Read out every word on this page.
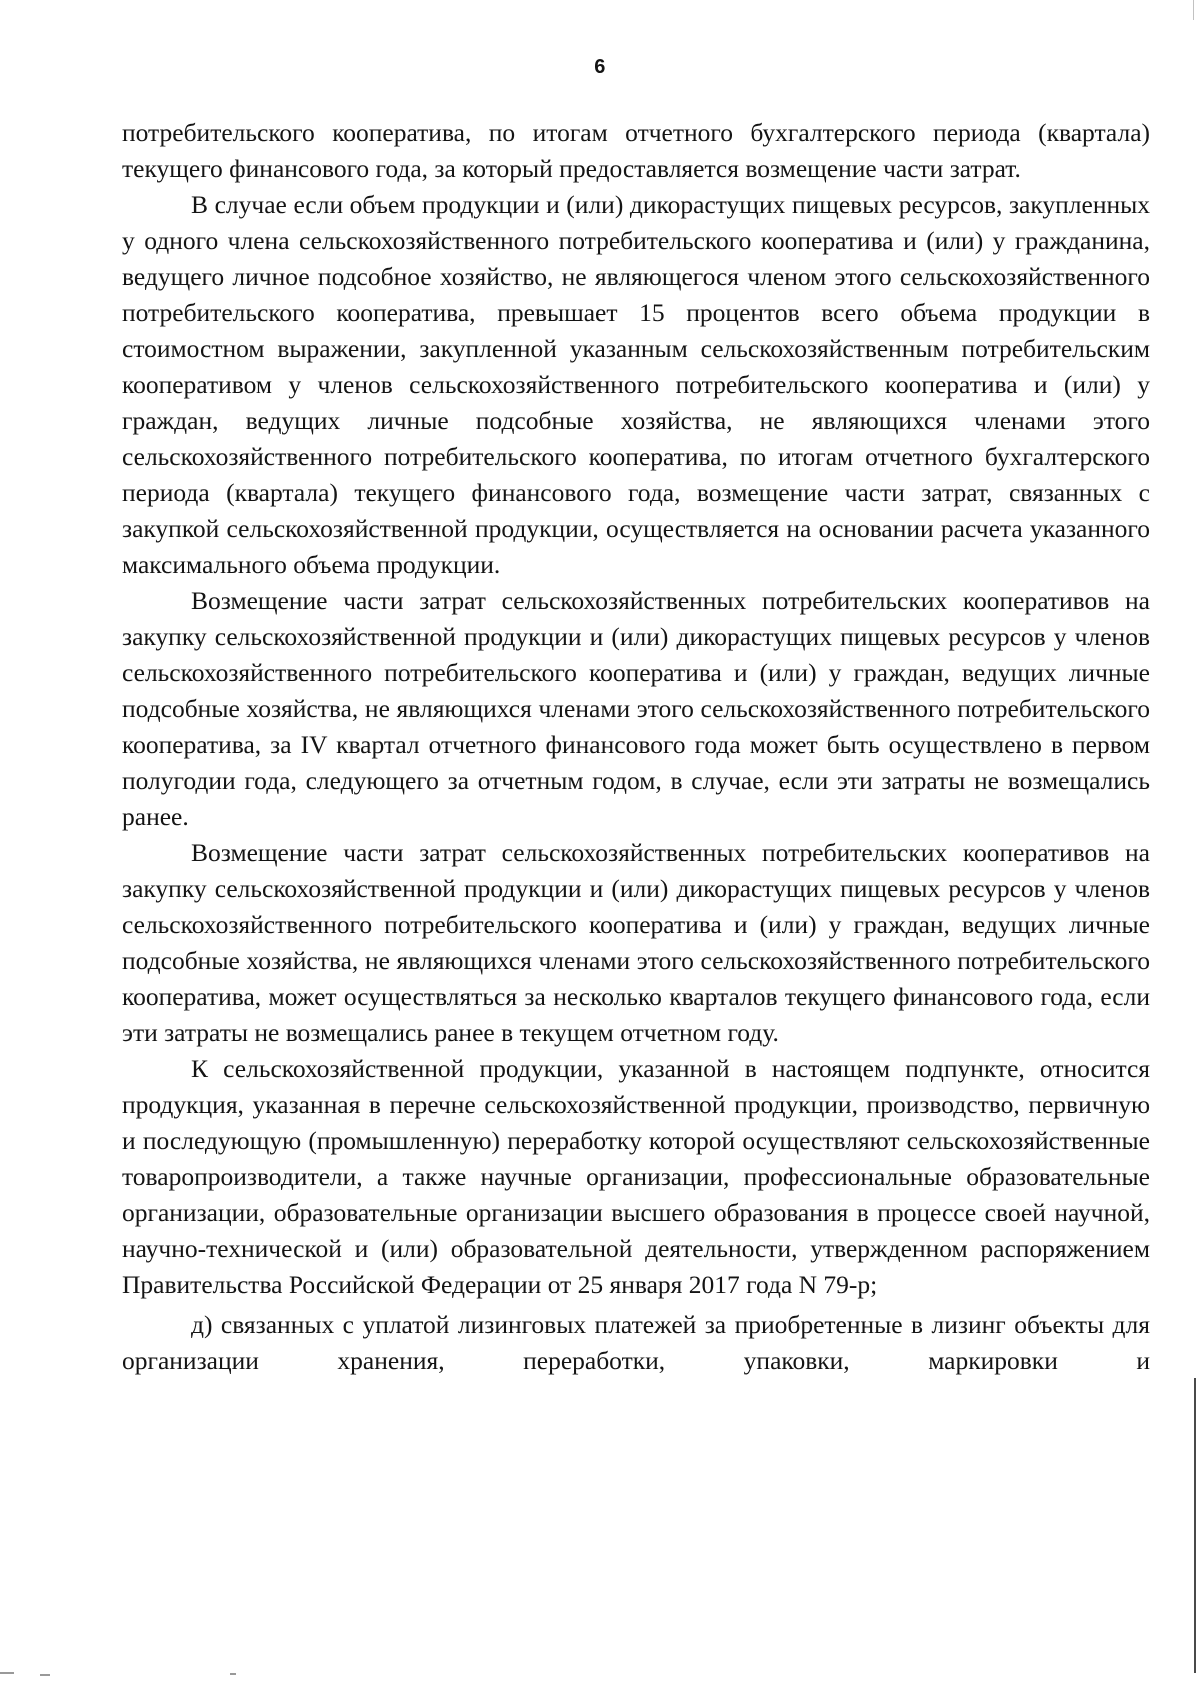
6

потребительского кооператива, по итогам отчетного бухгалтерского периода (квартала) текущего финансового года, за который предоставляется возмещение части затрат.

В случае если объем продукции и (или) дикорастущих пищевых ресурсов, закупленных у одного члена сельскохозяйственного потребительского кооператива и (или) у гражданина, ведущего личное подсобное хозяйство, не являющегося членом этого сельскохозяйственного потребительского кооператива, превышает 15 процентов всего объема продукции в стоимостном выражении, закупленной указанным сельскохозяйственным потребительским кооперативом у членов сельскохозяйственного потребительского кооператива и (или) у граждан, ведущих личные подсобные хозяйства, не являющихся членами этого сельскохозяйственного потребительского кооператива, по итогам отчетного бухгалтерского периода (квартала) текущего финансового года, возмещение части затрат, связанных с закупкой сельскохозяйственной продукции, осуществляется на основании расчета указанного максимального объема продукции.

Возмещение части затрат сельскохозяйственных потребительских кооперативов на закупку сельскохозяйственной продукции и (или) дикорастущих пищевых ресурсов у членов сельскохозяйственного потребительского кооператива и (или) у граждан, ведущих личные подсобные хозяйства, не являющихся членами этого сельскохозяйственного потребительского кооператива, за IV квартал отчетного финансового года может быть осуществлено в первом полугодии года, следующего за отчетным годом, в случае, если эти затраты не возмещались ранее.

Возмещение части затрат сельскохозяйственных потребительских кооперативов на закупку сельскохозяйственной продукции и (или) дикорастущих пищевых ресурсов у членов сельскохозяйственного потребительского кооператива и (или) у граждан, ведущих личные подсобные хозяйства, не являющихся членами этого сельскохозяйственного потребительского кооператива, может осуществляться за несколько кварталов текущего финансового года, если эти затраты не возмещались ранее в текущем отчетном году.

К сельскохозяйственной продукции, указанной в настоящем подпункте, относится продукция, указанная в перечне сельскохозяйственной продукции, производство, первичную и последующую (промышленную) переработку которой осуществляют сельскохозяйственные товаропроизводители, а также научные организации, профессиональные образовательные организации, образовательные организации высшего образования в процессе своей научной, научно-технической и (или) образовательной деятельности, утвержденном распоряжением Правительства Российской Федерации от 25 января 2017 года N 79-р;

д) связанных с уплатой лизинговых платежей за приобретенные в лизинг объекты для организации хранения, переработки, упаковки, маркировки и
